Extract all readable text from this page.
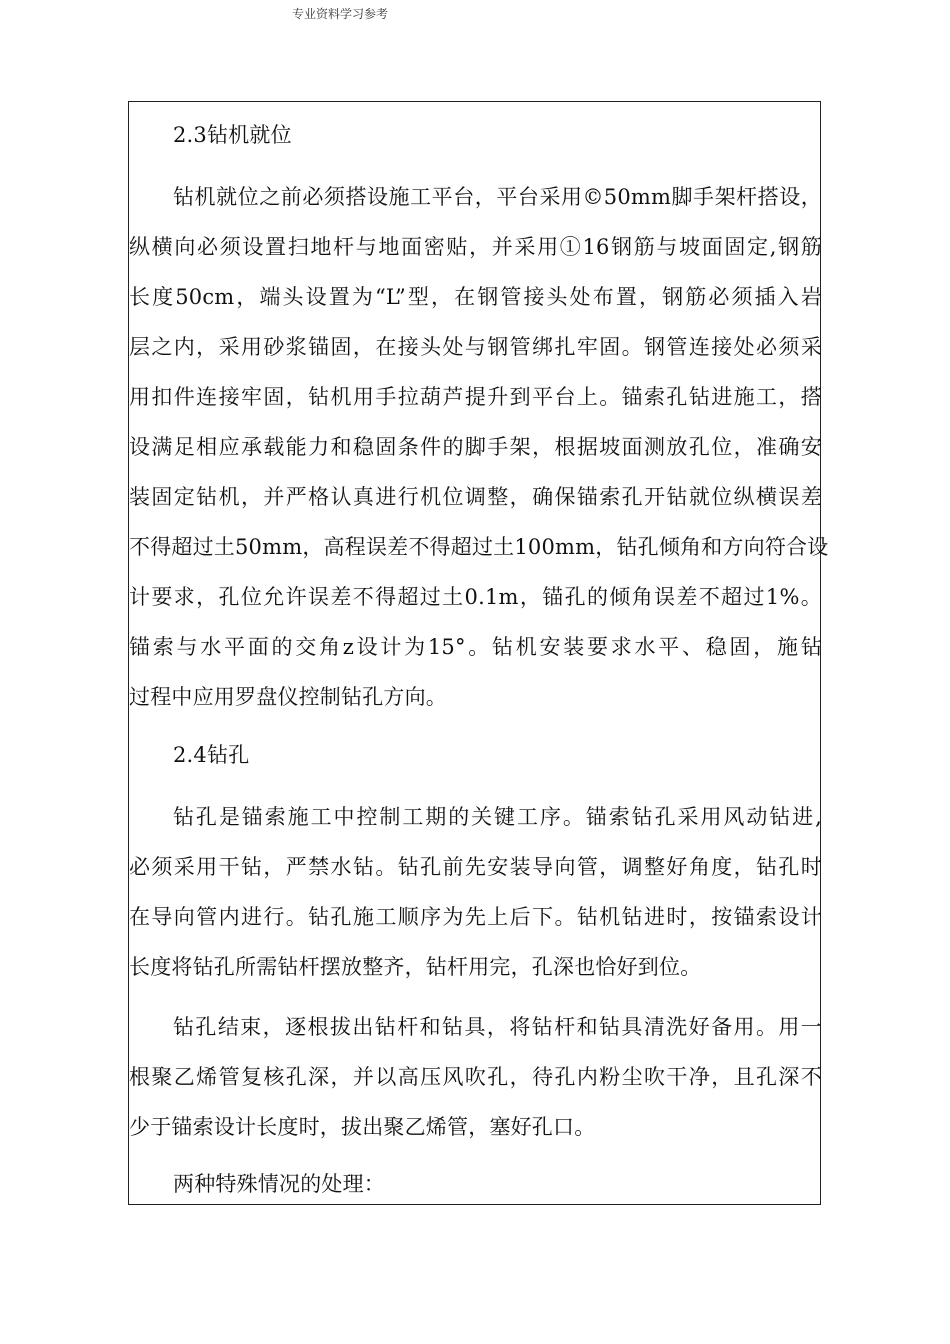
专业资料学习参考
2.3钻机就位
钻机就位之前必须搭设施工平台，平台采用©50mm脚手架杆搭设，
纵横向必须设置扫地杆与地面密贴，并采用①16钢筋与坡面固定,钢筋
长度50cm，端头设置为“L”型，在钢管接头处布置，钢筋必须插入岩
层之内，采用砂浆锚固，在接头处与钢管绑扎牢固。钢管连接处必须采
用扣件连接牢固，钻机用手拉葫芦提升到平台上。锚索孔钻进施工，搭
设满足相应承载能力和稳固条件的脚手架，根据坡面测放孔位，准确安
装固定钻机，并严格认真进行机位调整，确保锚索孔开钻就位纵横误差
不得超过土50mm，高程误差不得超过土100mm，钻孔倾角和方向符合设
计要求，孔位允许误差不得超过土0.1m，锚孔的倾角误差不超过1%。
锚索与水平面的交角z设计为15°。钻机安装要求水平、稳固，施钻
过程中应用罗盘仪控制钻孔方向。
2.4钻孔
钻孔是锚索施工中控制工期的关键工序。锚索钻孔采用风动钻进,
必须采用干钻，严禁水钻。钻孔前先安装导向管，调整好角度，钻孔时
在导向管内进行。钻孔施工顺序为先上后下。钻机钻进时，按锚索设计
长度将钻孔所需钻杆摆放整齐，钻杆用完，孔深也恰好到位。
钻孔结束，逐根拔出钻杆和钻具，将钻杆和钻具清洗好备用。用一
根聚乙烯管复核孔深，并以高压风吹孔，待孔内粉尘吹干净，且孔深不
少于锚索设计长度时，拔出聚乙烯管，塞好孔口。
两种特殊情况的处理：
